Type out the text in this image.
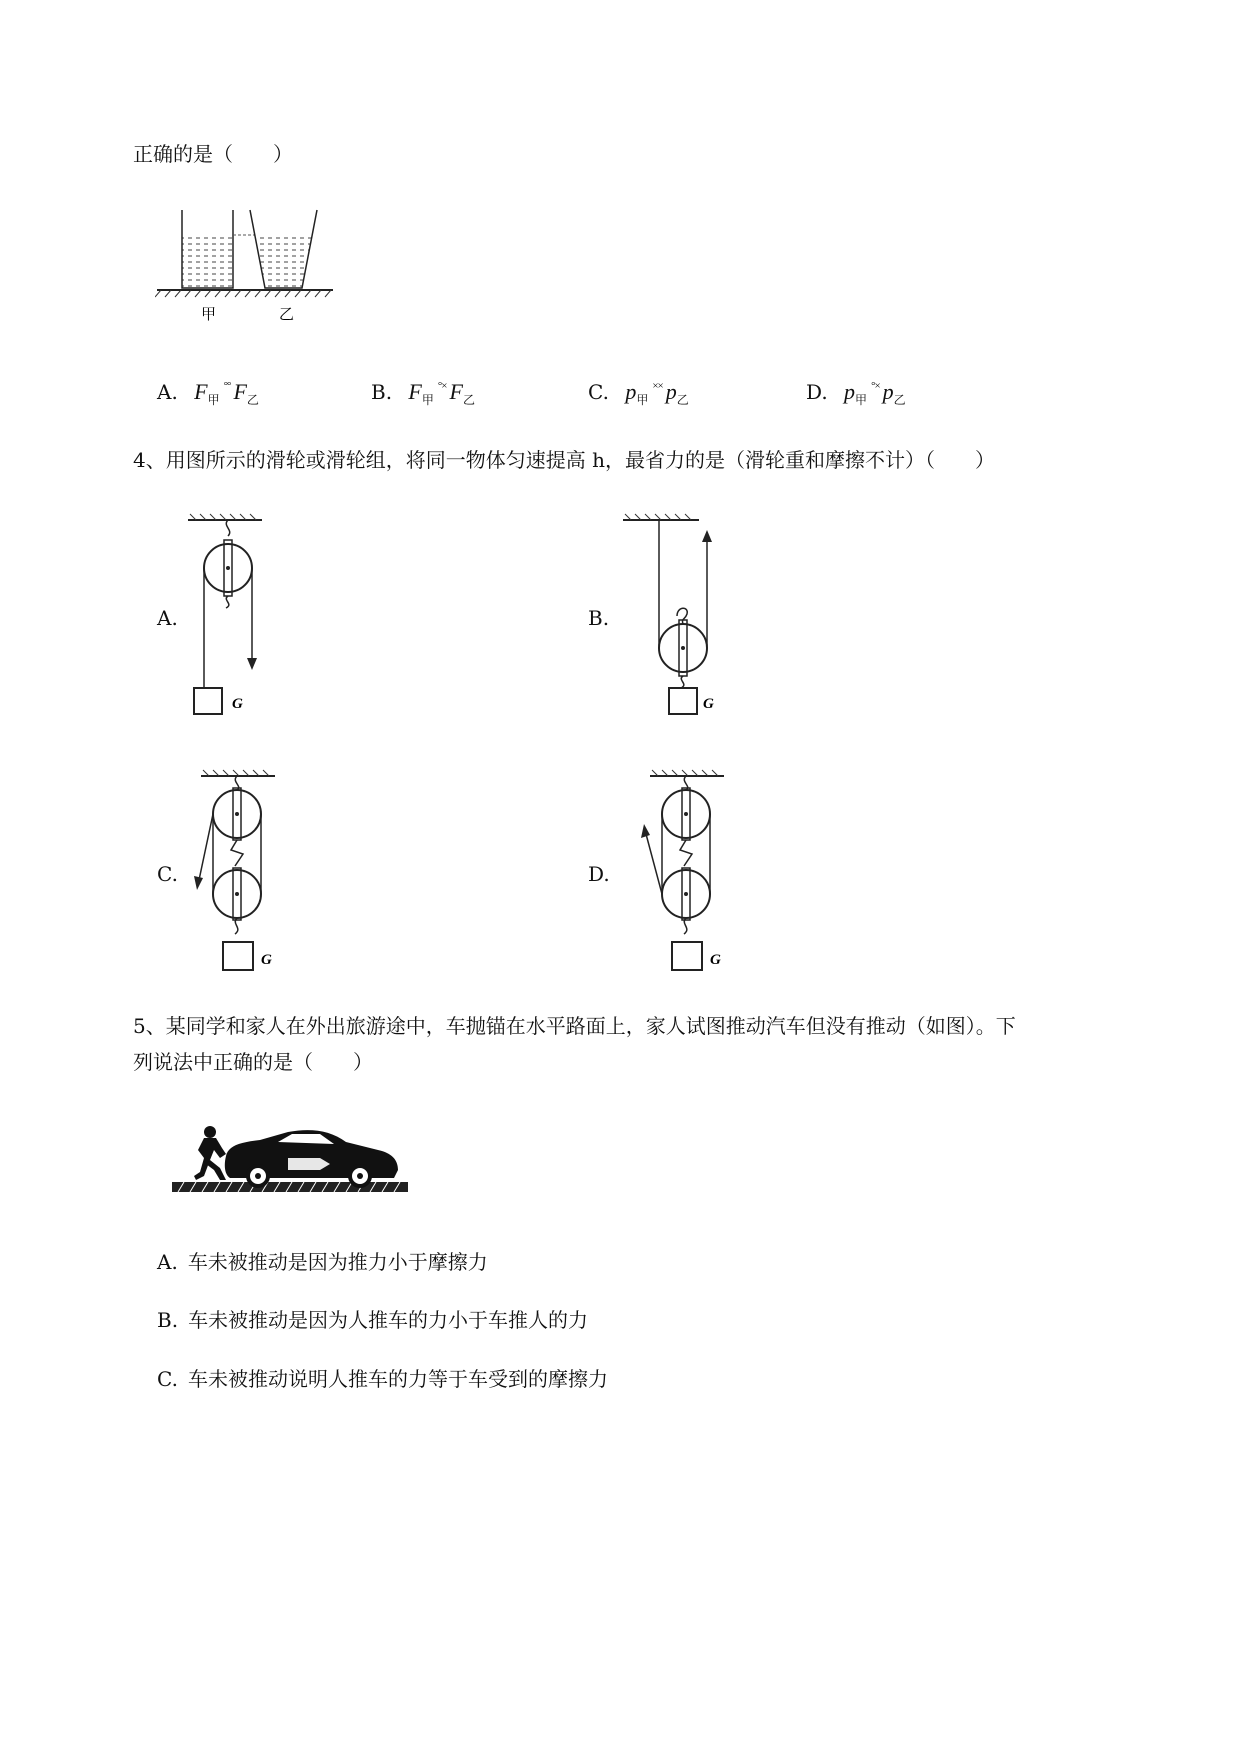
正确的是（　　）
甲	乙
A. $F_甲^{^\circ^\circ}$ $F_乙$	B. $F_甲^{^\circ\times}$ $F_乙$	C. $p_甲^{\times\times}$ $p_乙$	D. $p_甲^{^\circ\times}$ $p_乙$
4、用图所示的滑轮或滑轮组，将同一物体匀速提高 h，最省力的是（滑轮重和摩擦不计）（　　）
A.
G
B.
G
C.
G
D.
G
5、某同学和家人在外出旅游途中，车抛锚在水平路面上，家人试图推动汽车但没有推动（如图）。下
列说法中正确的是（　　）
A. 车未被推动是因为推力小于摩擦力
B. 车未被推动是因为人推车的力小于车推人的力
C. 车未被推动说明人推车的力等于车受到的摩擦力
